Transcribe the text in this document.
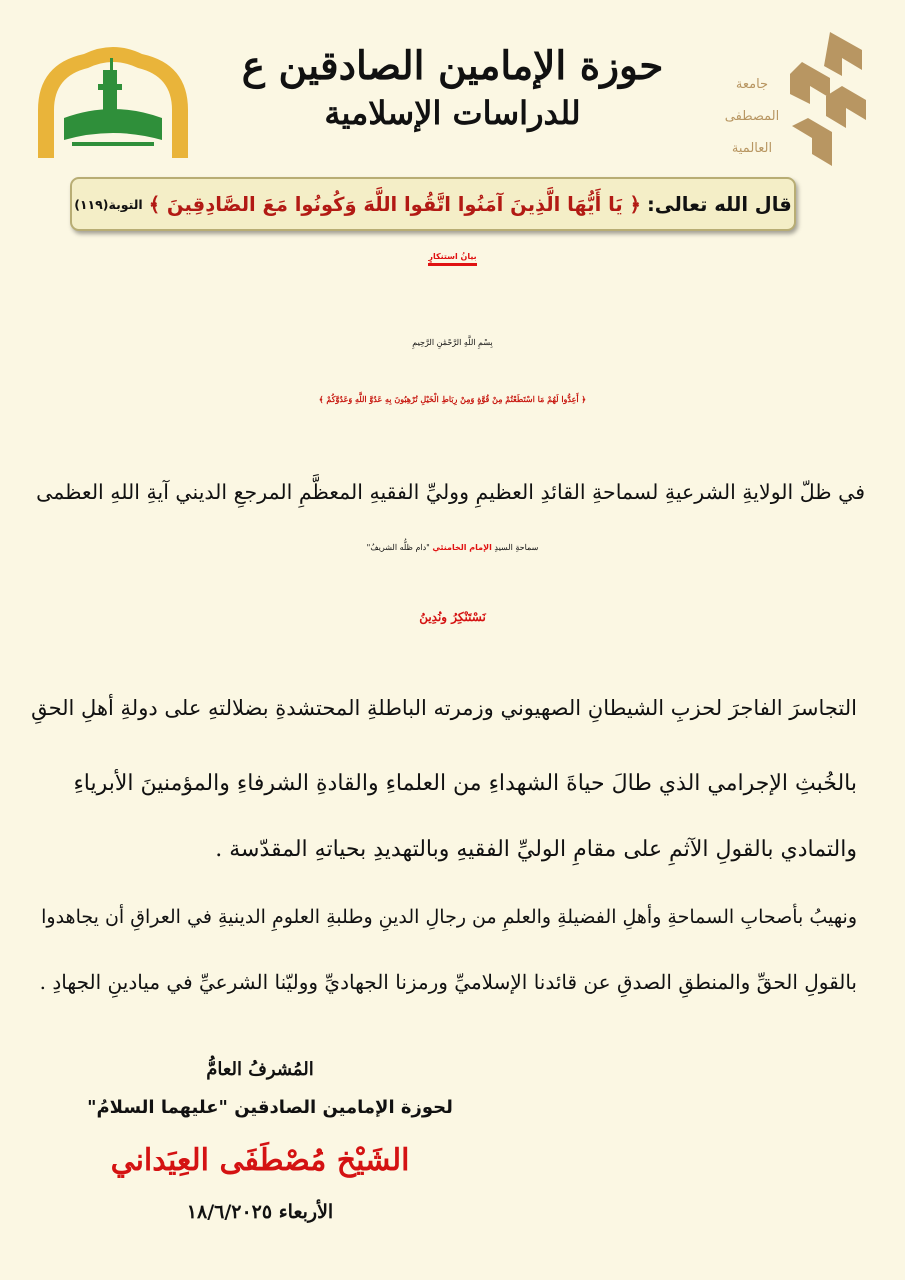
حوزة الإمامين الصادقين ع
للدراسات الإسلامية
جامعة
المصطفى
العالمية
قال الله تعالى:
﴿ يَا أَيُّهَا الَّذِينَ آمَنُوا اتَّقُوا اللَّهَ وَكُونُوا مَعَ الصَّادِقِينَ ﴾
التوبة(١١٩)
بيانُ استنكارٍ
بِسْمِ اللَّهِ الرَّحْمَٰنِ الرَّحِيمِ
﴿ أَعِدُّوا لَهُمْ مَا اسْتَطَعْتُمْ مِنْ قُوَّةٍ وَمِنْ رِبَاطِ الْخَيْلِ تُرْهِبُونَ بِهِ عَدُوَّ اللَّهِ وَعَدُوَّكُمْ ﴾
في ظلّ الولايةِ الشرعيةِ لسماحةِ القائدِ العظيمِ ووليِّ الفقيهِ المعظَّمِ المرجعِ الديني آيةِ اللهِ العظمى
سماحةِ السيدِ الإمام الخامنئي "دام ظلُّه الشريفُ"
نَسْتَنْكِرُ ونُدِينُ
التجاسرَ الفاجرَ لحزبِ الشيطانِ الصهيوني وزمرته الباطلةِ المحتشدةِ بضلالتهِ على دولةِ أهلِ الحقِ
بالخُبثِ الإجرامي الذي طالَ حياةَ الشهداءِ من العلماءِ والقادةِ الشرفاءِ والمؤمنينَ الأبرياءِ
والتمادي بالقولِ الآثمِ على مقامِ الوليِّ الفقيهِ وبالتهديدِ بحياتهِ المقدّسة .
ونهيبُ بأصحابِ السماحةِ وأهلِ الفضيلةِ والعلمِ من رجالِ الدينِ وطلبةِ العلومِ الدينيةِ في العراقِ أن يجاهدوا
بالقولِ الحقِّ والمنطقِ الصدقِ عن قائدنا الإسلاميِّ ورمزنا الجهاديِّ ووليّنا الشرعيِّ في ميادينِ الجهادِ .
المُشرفُ العامُّ
لحوزة الإمامين الصادقين "عليهما السلامُ"
الشَيْخ مُصْطَفَى العِيَداني
الأربعاء ١٨/٦/٢٠٢٥
